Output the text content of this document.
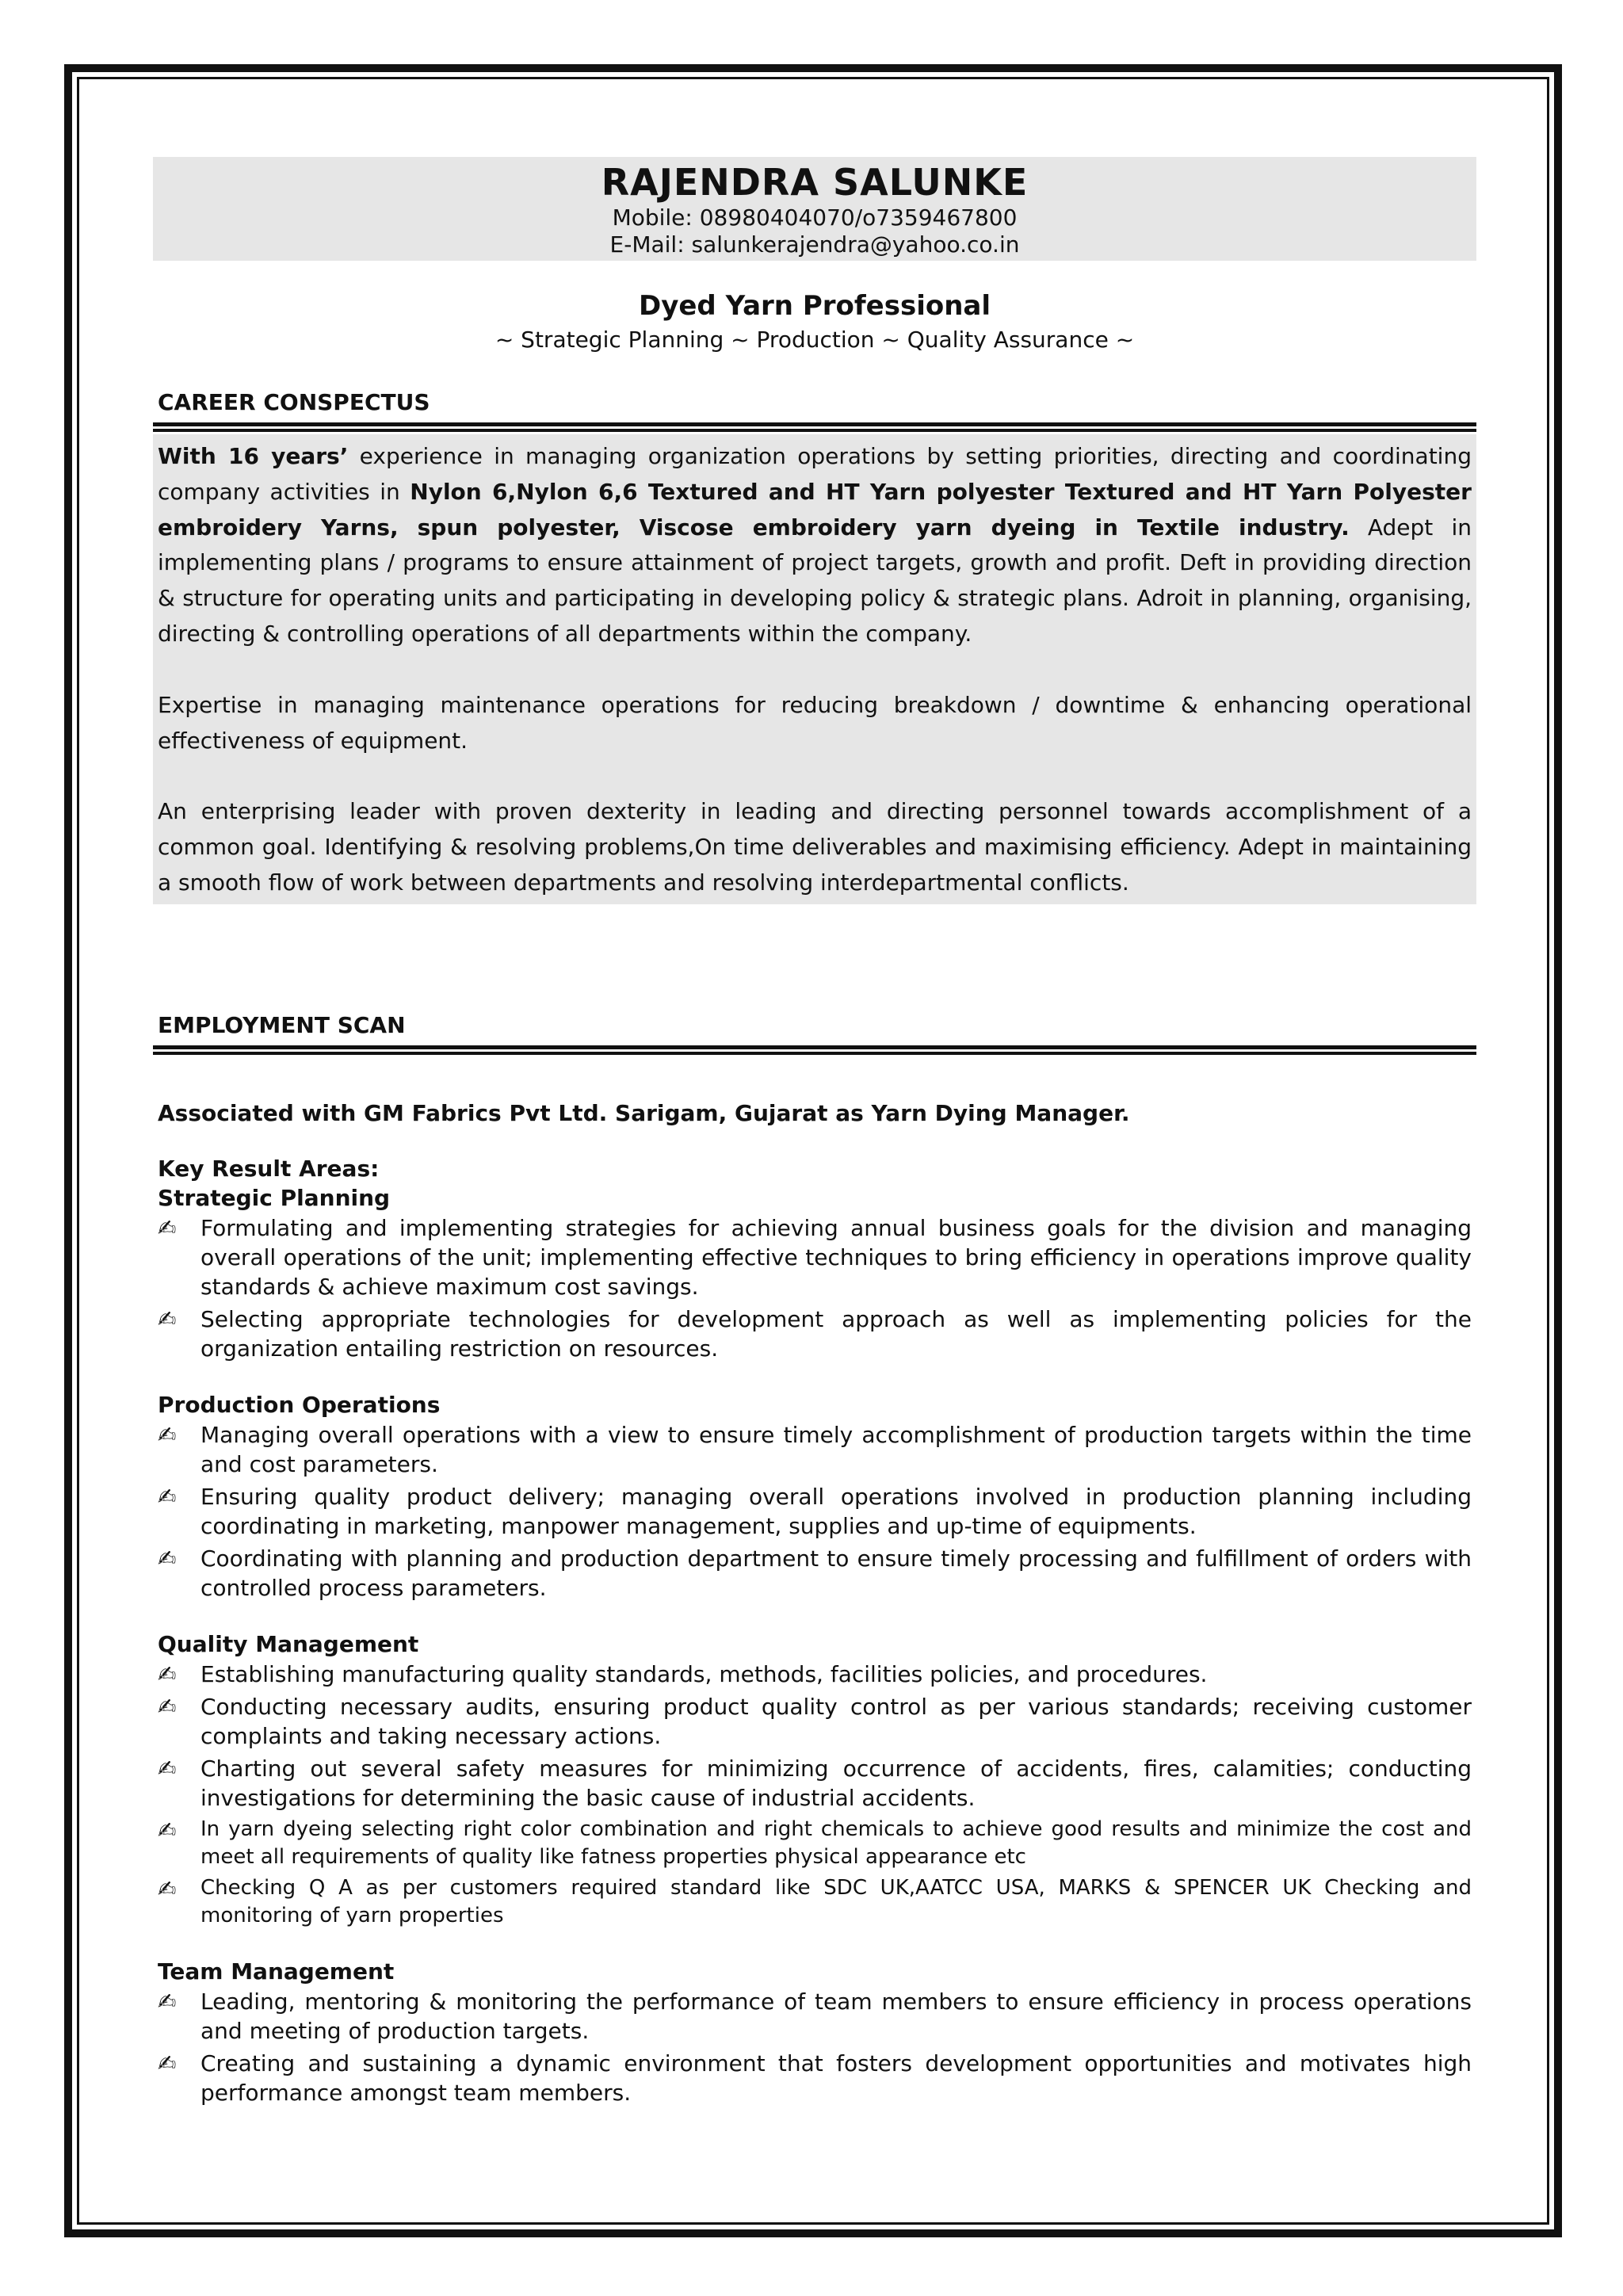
RAJENDRA SALUNKE
Mobile: 08980404070/o7359467800
E-Mail: salunkerajendra@yahoo.co.in
Dyed Yarn Professional
~ Strategic Planning ~ Production ~ Quality Assurance ~
CAREER CONSPECTUS

With 16 years’ experience in managing organization operations by setting priorities, directing and coordinating company activities in Nylon 6,Nylon 6,6 Textured and HT Yarn polyester Textured and HT Yarn Polyester embroidery Yarns, spun polyester, Viscose embroidery yarn dyeing in Textile industry. Adept in implementing plans / programs to ensure attainment of project targets, growth and profit. Deft in providing direction & structure for operating units and participating in developing policy & strategic plans. Adroit in planning, organising, directing & controlling operations of all departments within the company.

Expertise in managing maintenance operations for reducing breakdown / downtime & enhancing operational effectiveness of equipment.

An enterprising leader with proven dexterity in leading and directing personnel towards accomplishment of a common goal. Identifying & resolving problems,On time deliverables and maximising efficiency. Adept in maintaining a smooth flow of work between departments and resolving interdepartmental conflicts.

EMPLOYMENT SCAN
Associated with GM Fabrics Pvt Ltd. Sarigam, Gujarat as Yarn Dying Manager.
Key Result Areas:
Strategic Planning
✍ Formulating and implementing strategies for achieving annual business goals for the division and managing overall operations of the unit; implementing effective techniques to bring efficiency in operations improve quality standards & achieve maximum cost savings.
✍ Selecting appropriate technologies for development approach as well as implementing policies for the organization entailing restriction on resources.
Production Operations
✍ Managing overall operations with a view to ensure timely accomplishment of production targets within the time and cost parameters.
✍ Ensuring quality product delivery; managing overall operations involved in production planning including coordinating in marketing, manpower management, supplies and up-time of equipments.
✍ Coordinating with planning and production department to ensure timely processing and fulfillment of orders with controlled process parameters.
Quality Management
✍ Establishing manufacturing quality standards, methods, facilities policies, and procedures.
✍ Conducting necessary audits, ensuring product quality control as per various standards; receiving customer complaints and taking necessary actions.
✍ Charting out several safety measures for minimizing occurrence of accidents, fires, calamities; conducting investigations for determining the basic cause of industrial accidents.
✍ In yarn dyeing selecting right color combination and right chemicals to achieve good results and minimize the cost and meet all requirements of quality like fatness properties physical appearance etc
✍ Checking Q A as per customers required standard like SDC UK,AATCC USA, MARKS & SPENCER UK Checking and monitoring of yarn properties
Team Management
✍ Leading, mentoring & monitoring the performance of team members to ensure efficiency in process operations and meeting of production targets.
✍ Creating and sustaining a dynamic environment that fosters development opportunities and motivates high performance amongst team members.
